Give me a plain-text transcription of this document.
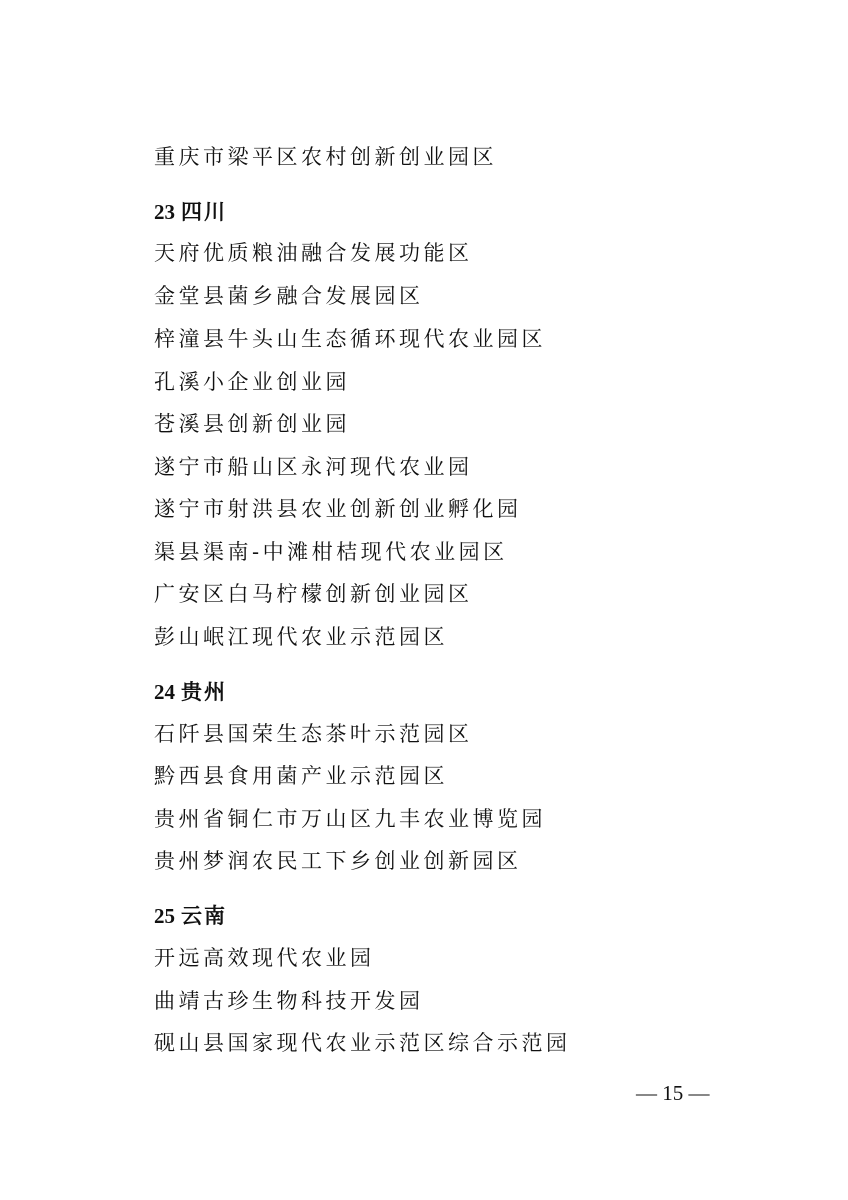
重庆市梁平区农村创新创业园区
23 四川
天府优质粮油融合发展功能区
金堂县菌乡融合发展园区
梓潼县牛头山生态循环现代农业园区
孔溪小企业创业园
苍溪县创新创业园
遂宁市船山区永河现代农业园
遂宁市射洪县农业创新创业孵化园
渠县渠南-中滩柑桔现代农业园区
广安区白马柠檬创新创业园区
彭山岷江现代农业示范园区
24 贵州
石阡县国荣生态茶叶示范园区
黔西县食用菌产业示范园区
贵州省铜仁市万山区九丰农业博览园
贵州梦润农民工下乡创业创新园区
25 云南
开远高效现代农业园
曲靖古珍生物科技开发园
砚山县国家现代农业示范区综合示范园
— 15 —
